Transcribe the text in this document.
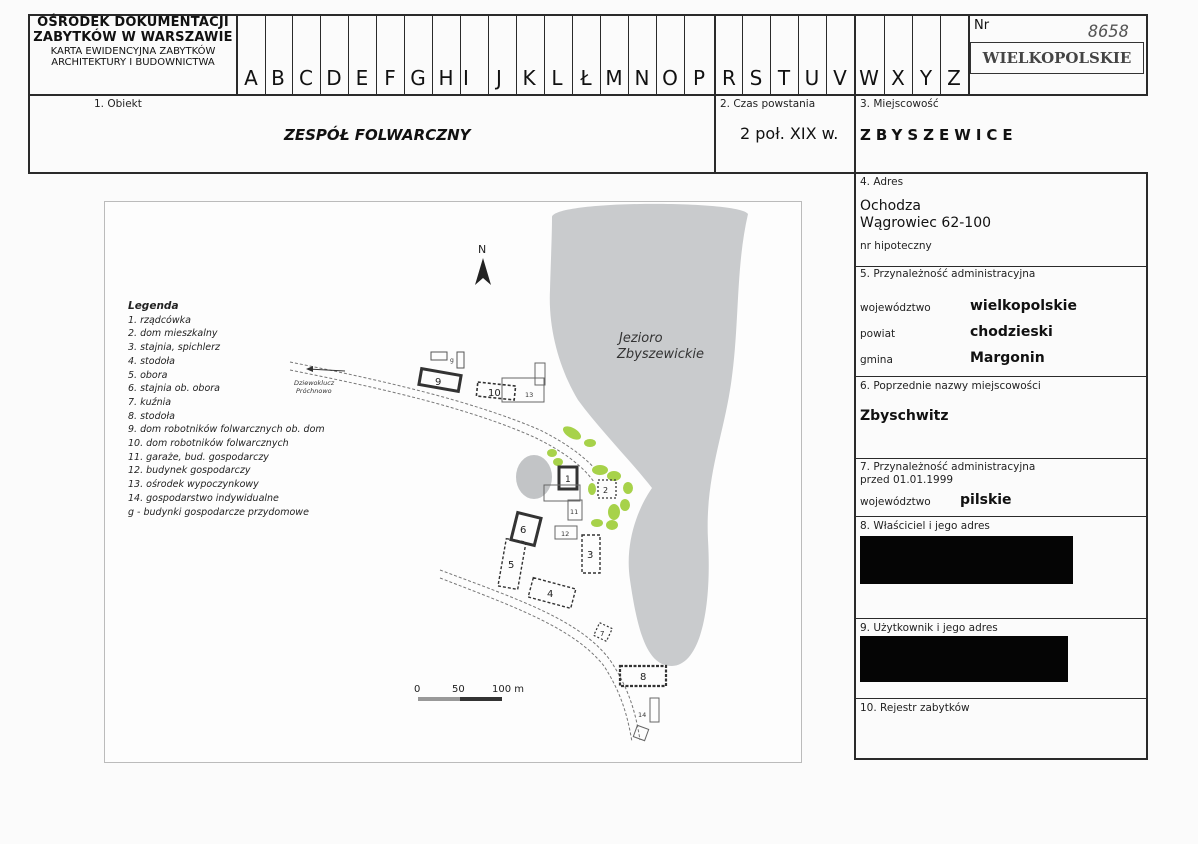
OŚRODEK DOKUMENTACJI
ZABYTKÓW W WARSZAWIE
KARTA EWIDENCYJNA ZABYTKÓW
ARCHITEKTURY I BUDOWNICTWA
A B C D E F G H I	J	K L Ł M N O P R S T U V W X Y Z
Nr	8658
WIELKOPOLSKIE
1. Obiekt
ZESPÓŁ FOLWARCZNY
2. Czas powstania
2 poł. XIX w.
3. Miejscowość
ZBYSZEWICE
4. Adres
Ochodza
Wągrowiec 62-100
nr hipoteczny
5. Przynależność administracyjna
województwo	wielkopolskie
powiat	chodzieski
gmina	Margonin
6. Poprzednie nazwy miejscowości
Zbyschwitz
7. Przynależność administracyjna
przed 01.01.1999
województwo pilskie
8. Właściciel i jego adres
9. Użytkownik i jego adres
10. Rejestr zabytków
Dziewoklucz
Próchnowo
N
Jezioro
Zbyszewickie
9
g
10	13
1
2
11
12
6
5
3
4
7
8
14
0	50	100 m
Legenda
1. rządcówka
2. dom mieszkalny
3. stajnia, spichlerz
4. stodoła
5. obora
6. stajnia ob. obora
7. kuźnia
8. stodoła
9. dom robotników folwarcznych ob. dom
10. dom robotników folwarcznych
11. garaże, bud. gospodarczy
12. budynek gospodarczy
13. ośrodek wypoczynkowy
14. gospodarstwo indywidualne
g - budynki gospodarcze przydomowe
